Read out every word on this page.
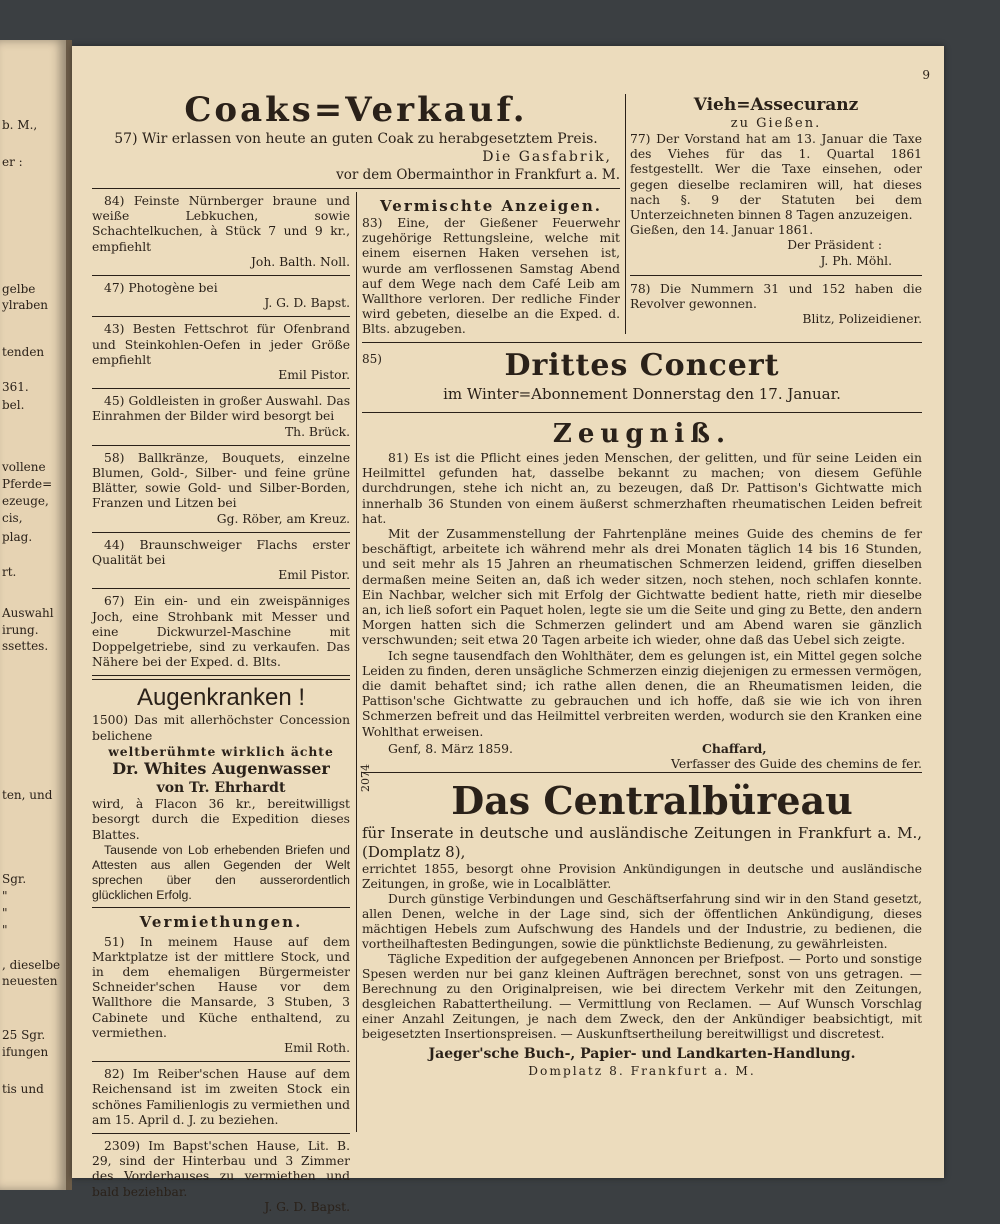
b. M.,
er :
gelbe
ylraben
tenden
361.
bel.
vollene
Pferde=
ezeuge,
cis,
plag.
rt.
Auswahl
irung.
ssettes.
ten, und
Sgr.
"
"
"
, dieselbe
neuesten
25 Sgr.
ifungen
tis und
9
Coaks=Verkauf.

57) Wir erlassen von heute an guten Coak zu herabgesetztem Preis.

Die Gasfabrik,

vor dem Obermainthor in Frankfurt a. M.

Vieh=Assecuranz
zu Gießen.

77) Der Vorstand hat am 13. Januar die Taxe des Viehes für das 1. Quartal 1861 festgestellt. Wer die Taxe einsehen, oder gegen dieselbe reclamiren will, hat dieses nach §. 9 der Statuten bei dem Unterzeichneten binnen 8 Tagen anzuzeigen.

Gießen, den 14. Januar 1861.

Der Präsident :

J. Ph. Möhl.

78) Die Nummern 31 und 152 haben die Revolver gewonnen.

Blitz, Polizeidiener.

84) Feinste Nürnberger braune und weiße Lebkuchen, sowie Schachtelkuchen, à Stück 7 und 9 kr., empfiehlt

Joh. Balth. Noll.

47) Photogène bei

J. G. D. Bapst.

43) Besten Fettschrot für Ofenbrand und Steinkohlen-Oefen in jeder Größe empfiehlt

Emil Pistor.

45) Goldleisten in großer Auswahl. Das Einrahmen der Bilder wird besorgt bei

Th. Brück.

58) Ballkränze, Bouquets, einzelne Blumen, Gold-, Silber- und feine grüne Blätter, sowie Gold- und Silber-Borden, Franzen und Litzen bei

Gg. Röber, am Kreuz.

44) Braunschweiger Flachs erster Qualität bei

Emil Pistor.

67) Ein ein- und ein zweispänniges Joch, eine Strohbank mit Messer und eine Dickwurzel-Maschine mit Doppelgetriebe, sind zu verkaufen. Das Nähere bei der Exped. d. Blts.

Augenkranken !

1500) Das mit allerhöchster Concession belichene

weltberühmte wirklich ächte

Dr. Whites Augenwasser

von Tr. Ehrhardt

wird, à Flacon 36 kr., bereitwilligst besorgt durch die Expedition dieses Blattes.

Tausende von Lob erhebenden Briefen und Attesten aus allen Gegenden der Welt sprechen über den ausserordentlich glücklichen Erfolg.

Vermiethungen.

51) In meinem Hause auf dem Marktplatze ist der mittlere Stock, und in dem ehemaligen Bürgermeister Schneider'schen Hause vor dem Wallthore die Mansarde, 3 Stuben, 3 Cabinete und Küche enthaltend, zu vermiethen.

Emil Roth.

82) Im Reiber'schen Hause auf dem Reichensand ist im zweiten Stock ein schönes Familienlogis zu vermiethen und am 15. April d. J. zu beziehen.

2309) Im Bapst'schen Hause, Lit. B. 29, sind der Hinterbau und 3 Zimmer des Vorderhauses zu vermiethen und bald beziehbar.

J. G. D. Bapst.

Vermischte Anzeigen.

83) Eine, der Gießener Feuerwehr zugehörige Rettungsleine, welche mit einem eisernen Haken versehen ist, wurde am verflossenen Samstag Abend auf dem Wege nach dem Café Leib am Wallthore verloren. Der redliche Finder wird gebeten, dieselbe an die Exped. d. Blts. abzugeben.

85)	Drittes Concert
im Winter=Abonnement Donnerstag den 17. Januar.
Zeugniß.

81) Es ist die Pflicht eines jeden Menschen, der gelitten, und für seine Leiden ein Heilmittel gefunden hat, dasselbe bekannt zu machen; von diesem Gefühle durchdrungen, stehe ich nicht an, zu bezeugen, daß Dr. Pattison's Gichtwatte mich innerhalb 36 Stunden von einem äußerst schmerzhaften rheumatischen Leiden befreit hat.

Mit der Zusammenstellung der Fahrtenpläne meines Guide des chemins de fer beschäftigt, arbeitete ich während mehr als drei Monaten täglich 14 bis 16 Stunden, und seit mehr als 15 Jahren an rheumatischen Schmerzen leidend, griffen dieselben dermaßen meine Seiten an, daß ich weder sitzen, noch stehen, noch schlafen konnte. Ein Nachbar, welcher sich mit Erfolg der Gichtwatte bedient hatte, rieth mir dieselbe an, ich ließ sofort ein Paquet holen, legte sie um die Seite und ging zu Bette, den andern Morgen hatten sich die Schmerzen gelindert und am Abend waren sie gänzlich verschwunden; seit etwa 20 Tagen arbeite ich wieder, ohne daß das Uebel sich zeigte.

Ich segne tausendfach den Wohlthäter, dem es gelungen ist, ein Mittel gegen solche Leiden zu finden, deren unsägliche Schmerzen einzig diejenigen zu ermessen vermögen, die damit behaftet sind; ich rathe allen denen, die an Rheumatismen leiden, die Pattison'sche Gichtwatte zu gebrauchen und ich hoffe, daß sie wie ich von ihren Schmerzen befreit und das Heilmittel verbreiten werden, wodurch sie den Kranken eine Wohlthat erweisen.

Genf, 8. März 1859.	Chaffard,
Verfasser des Guide des chemins de fer.
2074	Das Centralbüreau

für Inserate in deutsche und ausländische Zeitungen in Frankfurt a. M., (Domplatz 8),

errichtet 1855, besorgt ohne Provision Ankündigungen in deutsche und ausländische Zeitungen, in große, wie in Localblätter.

Durch günstige Verbindungen und Geschäftserfahrung sind wir in den Stand gesetzt, allen Denen, welche in der Lage sind, sich der öffentlichen Ankündigung, dieses mächtigen Hebels zum Aufschwung des Handels und der Industrie, zu bedienen, die vortheilhaftesten Bedingungen, sowie die pünktlichste Bedienung, zu gewährleisten.

Tägliche Expedition der aufgegebenen Annoncen per Briefpost. — Porto und sonstige Spesen werden nur bei ganz kleinen Aufträgen berechnet, sonst von uns getragen. — Berechnung zu den Originalpreisen, wie bei directem Verkehr mit den Zeitungen, desgleichen Rabattertheilung. — Vermittlung von Reclamen. — Auf Wunsch Vorschlag einer Anzahl Zeitungen, je nach dem Zweck, den der Ankündiger beabsichtigt, mit beigesetzten Insertionspreisen. — Auskunftsertheilung bereitwilligst und discretest.

Jaeger'sche Buch-, Papier- und Landkarten-Handlung.

Domplatz 8. Frankfurt a. M.
